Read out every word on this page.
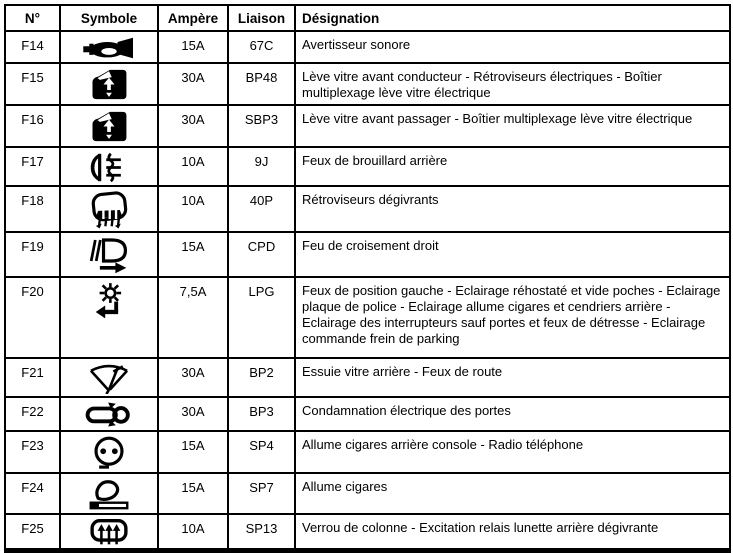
N°	Symbole	Ampère	Liaison	Désignation
F14		15A	67C	Avertisseur sonore
F15		30A	BP48	Lève vitre avant conducteur - Rétroviseurs électriques - Boîtier multiplexage lève vitre électrique
F16		30A	SBP3	Lève vitre avant passager - Boîtier multiplexage lève vitre électrique
F17		10A	9J	Feux de brouillard arrière
F18		10A	40P	Rétroviseurs dégivrants
F19		15A	CPD	Feu de croisement droit
F20		7,5A	LPG	Feux de position gauche - Eclairage réhostaté et vide poches - Eclairage plaque de police - Eclairage allume cigares et cendriers arrière - Eclairage des interrupteurs sauf portes et feux de détresse - Eclairage commande frein de parking
F21		30A	BP2	Essuie vitre arrière - Feux de route
F22		30A	BP3	Condamnation électrique des portes
F23		15A	SP4	Allume cigares arrière console - Radio téléphone
F24		15A	SP7	Allume cigares
F25		10A	SP13	Verrou de colonne - Excitation relais lunette arrière dégivrante
